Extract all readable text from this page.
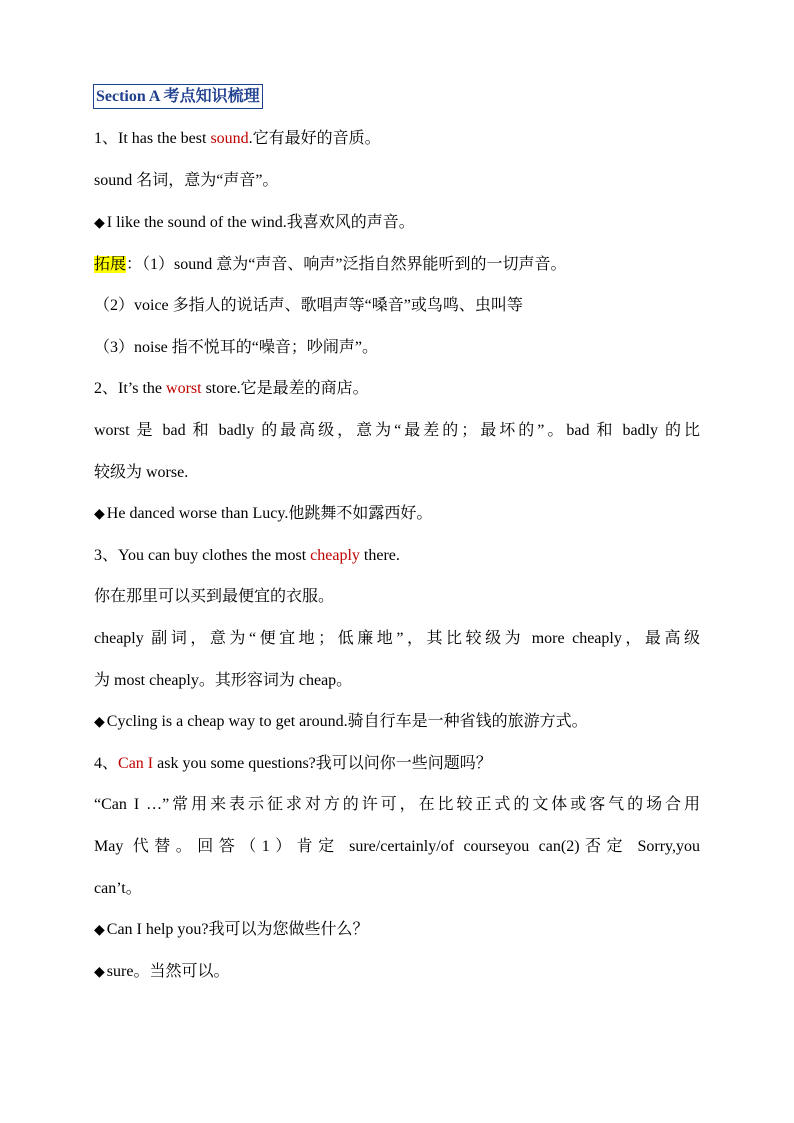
Section A 考点知识梳理
1、It has the best sound.它有最好的音质。
sound 名词，意为“声音”。
◆ I like the sound of the wind.我喜欢风的声音。
拓展：（1）sound 意为“声音、响声”泛指自然界能听到的一切声音。
（2）voice 多指人的说话声、歌唱声等“嗓音”或鸟鸣、虫叫等
（3）noise 指不悦耳的“噪音；吵闹声”。
2、It’s the worst store.它是最差的商店。
worst 是 bad 和 badly 的最高级，意为“最差的；最坏的”。bad 和 badly 的比
较级为 worse.
◆ He danced worse than Lucy.他跳舞不如露西好。
3、You can buy clothes the most cheaply there.
你在那里可以买到最便宜的衣服。
cheaply 副词，意为“便宜地；低廉地”，其比较级为 more cheaply，最高级
为 most cheaply。其形容词为 cheap。
◆ Cycling is a cheap way to get around.骑自行车是一种省钱的旅游方式。
4、Can I ask you some questions?我可以问你一些问题吗？
“Can I …”常用来表示征求对方的许可，在比较正式的文体或客气的场合用
May 代替。回答（1）肯定 sure/certainly/of courseyou can(2)否定 Sorry,you
can’t。
◆ Can I help you?我可以为您做些什么？
◆ sure。当然可以。
